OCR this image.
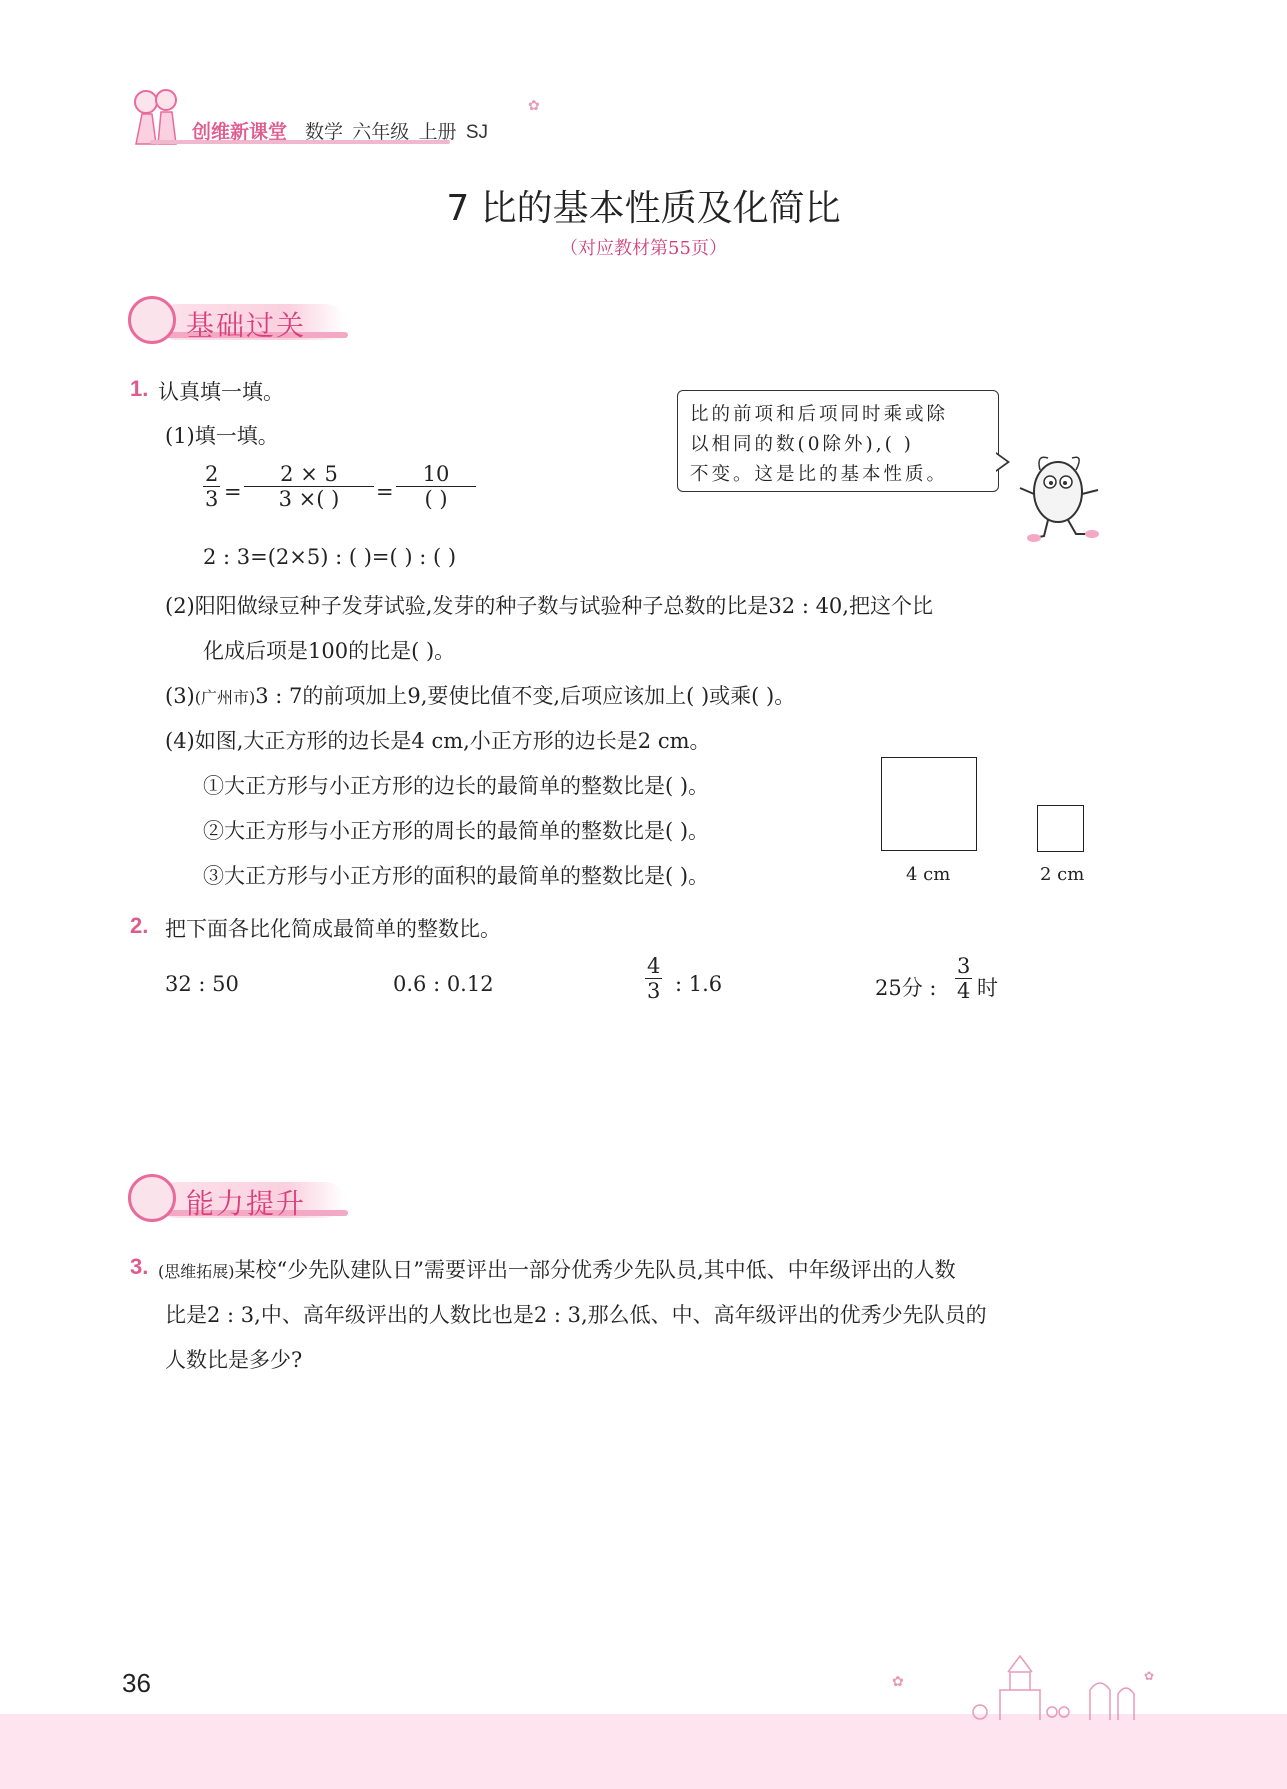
创维新课堂 数学 六年级 上册 SJ
✿
7 比的基本性质及化简比
（对应教材第55页）
基础过关
1. 认真填一填。
(1)填一填。
2
3 =
2 × 5
3 ×( )	=
10
( )
2 : 3=(2×5) : ( )=( ) : ( )
比的前项和后项同时乘或除
以相同的数(0除外),( )
不变。这是比的基本性质。
(2)阳阳做绿豆种子发芽试验,发芽的种子数与试验种子总数的比是32 : 40,把这个比
化成后项是100的比是( )。
(3)(广州市)3 : 7的前项加上9,要使比值不变,后项应该加上( )或乘( )。
(4)如图,大正方形的边长是4 cm,小正方形的边长是2 cm。
①大正方形与小正方形的边长的最简单的整数比是( )。
②大正方形与小正方形的周长的最简单的整数比是( )。
③大正方形与小正方形的面积的最简单的整数比是( )。	4 cm	2 cm
2. 把下面各比化简成最简单的整数比。
32 : 50	0.6 : 0.12
4
3 : 1.6	25分 :
3
4 时
能力提升
3. (思维拓展)某校“少先队建队日”需要评出一部分优秀少先队员,其中低、中年级评出的人数
比是2 : 3,中、高年级评出的人数比也是2 : 3,那么低、中、高年级评出的优秀少先队员的
人数比是多少?
36	✿	✿
